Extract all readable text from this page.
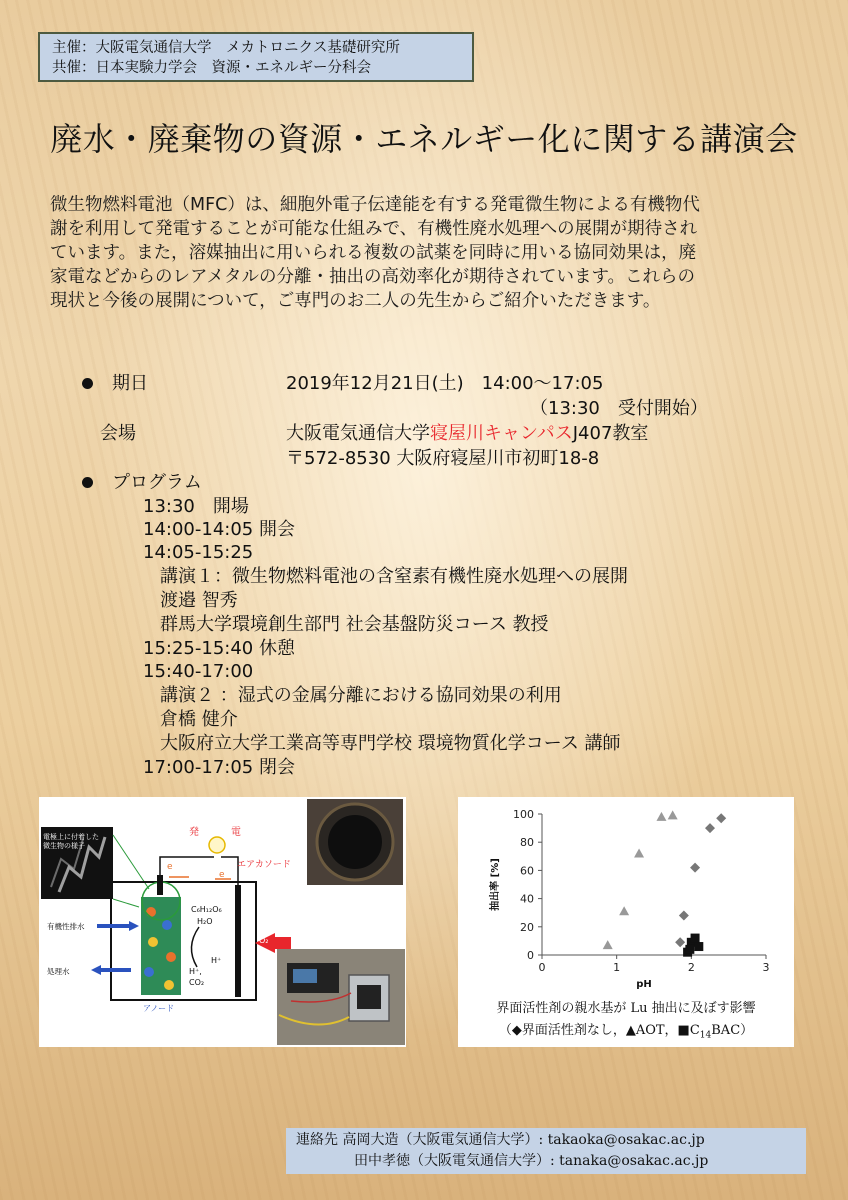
主催：大阪電気通信大学　メカトロニクス基礎研究所
共催：日本実験力学会　資源・エネルギー分科会
廃水・廃棄物の資源・エネルギー化に関する講演会

微生物燃料電池（MFC）は、細胞外電子伝達能を有する発電微生物による有機物代

謝を利用して発電することが可能な仕組みで、有機性廃水処理への展開が期待され

ています。また，溶媒抽出に用いられる複数の試薬を同時に用いる協同効果は，廃

家電などからのレアメタルの分離・抽出の高効率化が期待されています。これらの

現状と今後の展開について，ご専門のお二人の先生からご紹介いただきます。

期日	2019年12月21日(土)　14:00〜17:05
（13:30　受付開始）
会場	大阪電気通信大学寝屋川キャンパスJ407教室
〒572-8530 大阪府寝屋川市初町18-8
プログラム
13:30　開場
14:00-14:05 開会
14:05-15:25
講演１：微生物燃料電池の含窒素有機性廃水処理への展開
渡邉 智秀
群馬大学環境創生部門 社会基盤防災コース 教授
15:25-15:40 休憩
15:40-17:00
講演２ ：湿式の金属分離における協同効果の利用
倉橋 健介
大阪府立大学工業高等専門学校 環境物質化学コース 講師
17:00-17:05 閉会
電極上に付着した
微生物の様子
発	電
e
e
エアカソード
C₆H₁₂O₆
H₂O
H⁺
H⁺,
CO₂
O₂
有機性排水
処理水
アノード
0
20
40
60
80
100
0	1	2	3
抽出率 [%]
pH
界面活性剤の親水基が Lu 抽出に及ぼす影響
（◆界面活性剤なし，▲AOT，$■C_{14}BAC$）
連絡先 高岡大造（大阪電気通信大学）: takaoka@osakac.ac.jp
田中孝徳（大阪電気通信大学）: tanaka@osakac.ac.jp
